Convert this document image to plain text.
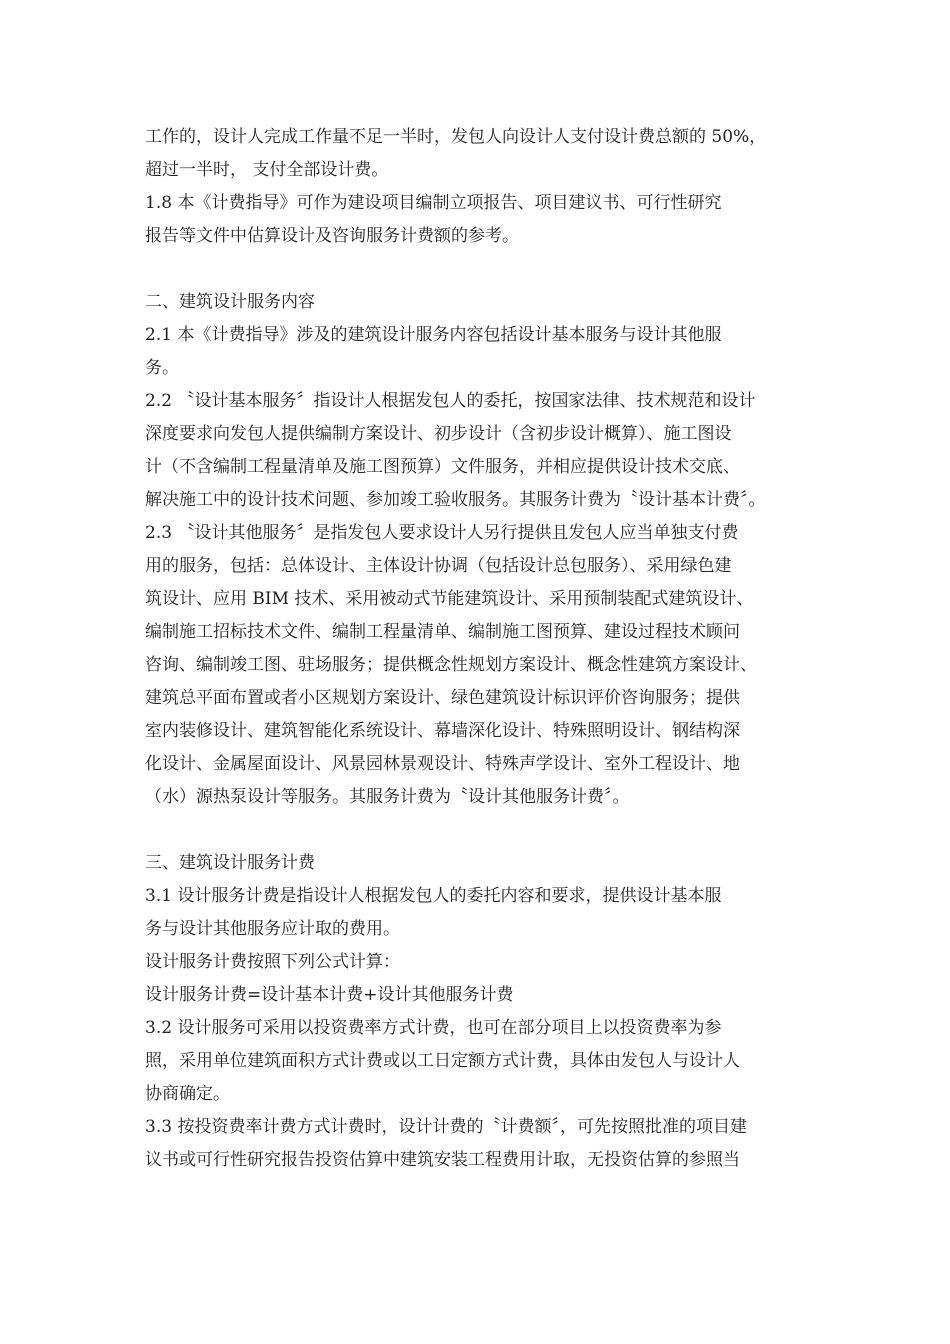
工作的，设计人完成工作量不足一半时，发包人向设计人支付设计费总额的 50%，
超过一半时， 支付全部设计费。
1.8 本《计费指导》可作为建设项目编制立项报告、项目建议书、可行性研究
报告等文件中估算设计及咨询服务计费额的参考。
二、建筑设计服务内容
2.1 本《计费指导》涉及的建筑设计服务内容包括设计基本服务与设计其他服
务。
2.2 〝设计基本服务〞指设计人根据发包人的委托，按国家法律、技术规范和设计
深度要求向发包人提供编制方案设计、初步设计（含初步设计概算）、施工图设
计（不含编制工程量清单及施工图预算）文件服务，并相应提供设计技术交底、
解决施工中的设计技术问题、参加竣工验收服务。其服务计费为〝设计基本计费〞。
2.3 〝设计其他服务〞是指发包人要求设计人另行提供且发包人应当单独支付费
用的服务，包括：总体设计、主体设计协调（包括设计总包服务）、采用绿色建
筑设计、应用 BIM 技术、采用被动式节能建筑设计、采用预制装配式建筑设计、
编制施工招标技术文件、编制工程量清单、编制施工图预算、建设过程技术顾问
咨询、编制竣工图、驻场服务；提供概念性规划方案设计、概念性建筑方案设计、
建筑总平面布置或者小区规划方案设计、绿色建筑设计标识评价咨询服务；提供
室内装修设计、建筑智能化系统设计、幕墙深化设计、特殊照明设计、钢结构深
化设计、金属屋面设计、风景园林景观设计、特殊声学设计、室外工程设计、地
（水）源热泵设计等服务。其服务计费为〝设计其他服务计费〞。
三、建筑设计服务计费
3.1 设计服务计费是指设计人根据发包人的委托内容和要求，提供设计基本服
务与设计其他服务应计取的费用。
设计服务计费按照下列公式计算：
设计服务计费=设计基本计费+设计其他服务计费
3.2 设计服务可采用以投资费率方式计费，也可在部分项目上以投资费率为参
照，采用单位建筑面积方式计费或以工日定额方式计费，具体由发包人与设计人
协商确定。
3.3 按投资费率计费方式计费时，设计计费的〝计费额〞，可先按照批准的项目建
议书或可行性研究报告投资估算中建筑安装工程费用计取，无投资估算的参照当
